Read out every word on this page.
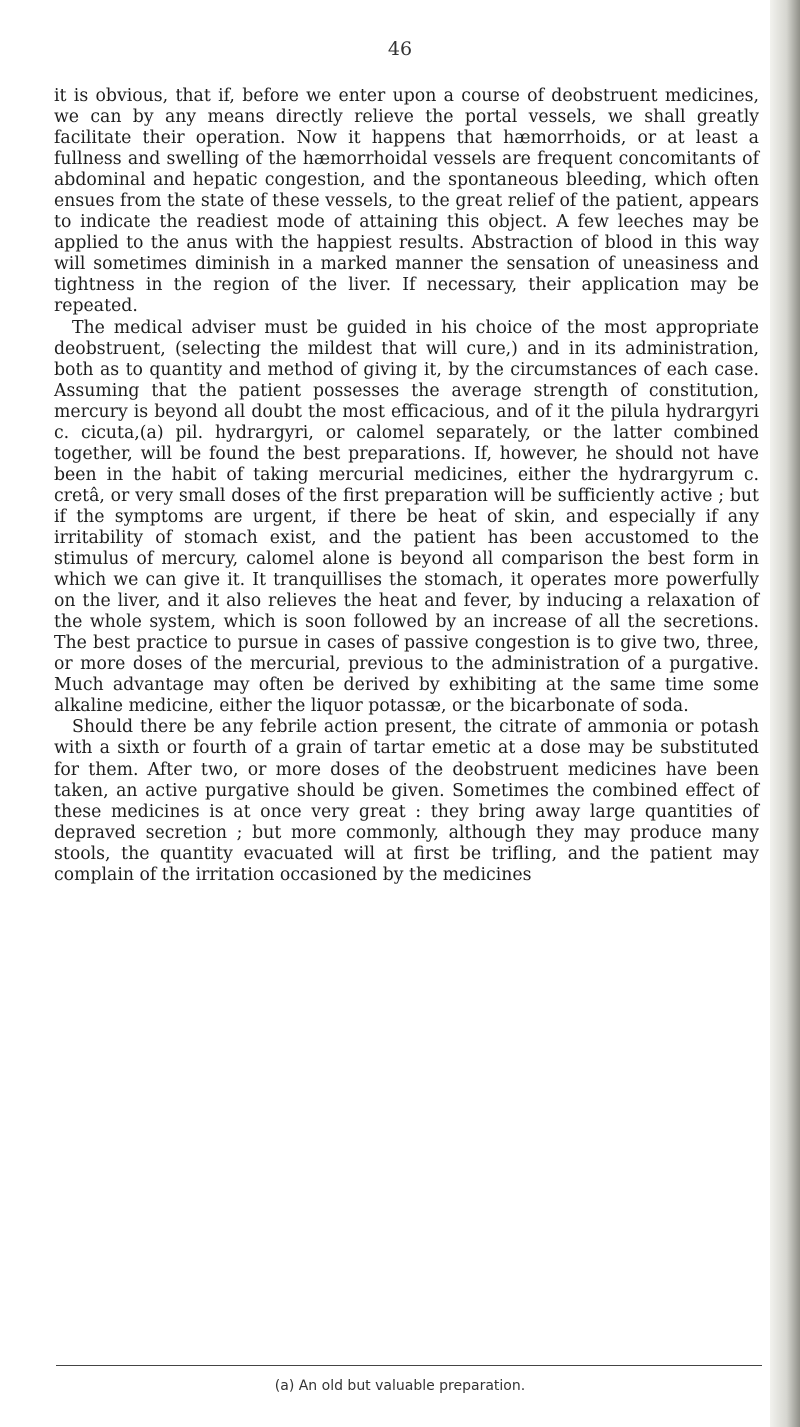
46

it is obvious, that if, before we enter upon a course of deobstruent medicines, we can by any means directly relieve the portal vessels, we shall greatly facilitate their operation. Now it happens that hæmorrhoids, or at least a fullness and swelling of the hæmorrhoidal vessels are frequent concomitants of abdominal and hepatic congestion, and the spontaneous bleeding, which often ensues from the state of these vessels, to the great relief of the patient, appears to indicate the readiest mode of attaining this object. A few leeches may be applied to the anus with the happiest results. Abstraction of blood in this way will sometimes diminish in a marked manner the sensation of uneasiness and tightness in the region of the liver. If necessary, their application may be repeated.

The medical adviser must be guided in his choice of the most appropriate deobstruent, (selecting the mildest that will cure,) and in its administration, both as to quantity and method of giving it, by the circumstances of each case. Assuming that the patient possesses the average strength of constitution, mercury is beyond all doubt the most efficacious, and of it the pilula hydrargyri c. cicuta,(a) pil. hydrargyri, or calomel separately, or the latter combined together, will be found the best preparations. If, however, he should not have been in the habit of taking mercurial medicines, either the hydrargyrum c. cretâ, or very small doses of the first preparation will be sufficiently active ; but if the symptoms are urgent, if there be heat of skin, and especially if any irritability of stomach exist, and the patient has been accustomed to the stimulus of mercury, calomel alone is beyond all comparison the best form in which we can give it. It tranquillises the stomach, it operates more powerfully on the liver, and it also relieves the heat and fever, by inducing a relaxation of the whole system, which is soon followed by an increase of all the secretions. The best practice to pursue in cases of passive congestion is to give two, three, or more doses of the mercurial, previous to the administration of a purgative. Much advantage may often be derived by exhibiting at the same time some alkaline medicine, either the liquor potassæ, or the bicarbonate of soda.

Should there be any febrile action present, the citrate of ammonia or potash with a sixth or fourth of a grain of tartar emetic at a dose may be substituted for them. After two, or more doses of the deobstruent medicines have been taken, an active purgative should be given. Sometimes the combined effect of these medicines is at once very great : they bring away large quantities of depraved secretion ; but more commonly, although they may produce many stools, the quantity evacuated will at first be trifling, and the patient may complain of the irritation occasioned by the medicines

(a) An old but valuable preparation.
